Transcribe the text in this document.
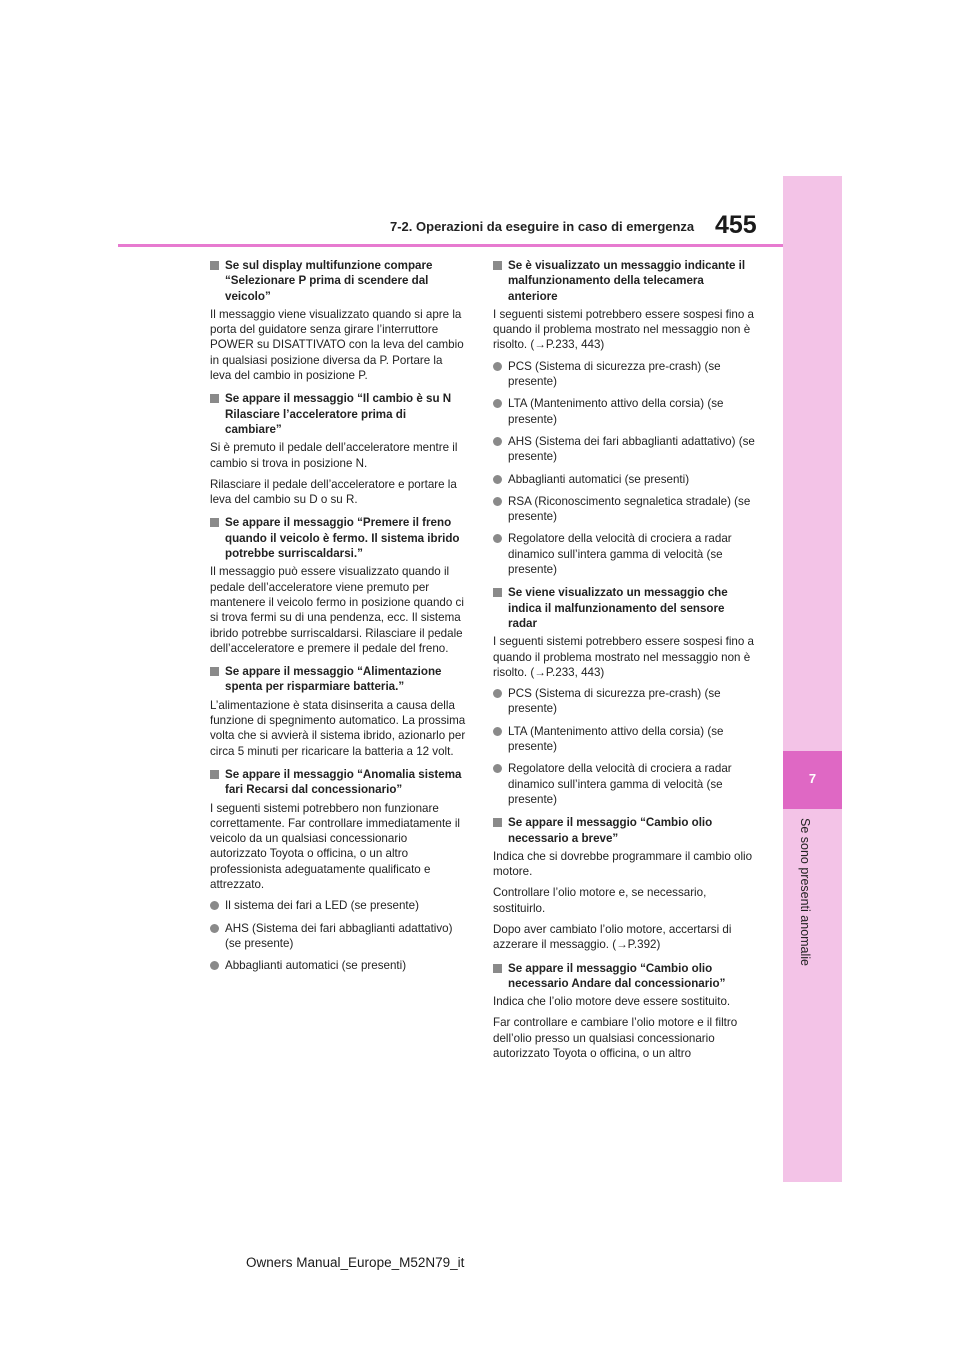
455
7-2. Operazioni da eseguire in caso di emergenza
7
Se sono presenti anomalie
Se sul display multifunzione compare “Selezionare P prima di scendere dal veicolo”

Il messaggio viene visualizzato quando si apre la porta del guidatore senza girare l’interruttore POWER su DISATTIVATO con la leva del cambio in qualsiasi posizione diversa da P. Portare la leva del cambio in posizione P.

Se appare il messaggio “Il cambio è su N Rilasciare l’acceleratore prima di cambiare”

Si è premuto il pedale dell’acceleratore mentre il cambio si trova in posizione N.

Rilasciare il pedale dell’acceleratore e portare la leva del cambio su D o su R.

Se appare il messaggio “Premere il freno quando il veicolo è fermo. Il sistema ibrido potrebbe surriscaldarsi.”

Il messaggio può essere visualizzato quando il pedale dell’acceleratore viene premuto per mantenere il veicolo fermo in posizione quando ci si trova fermi su di una pendenza, ecc. Il sistema ibrido potrebbe surriscaldarsi. Rilasciare il pedale dell’acceleratore e premere il pedale del freno.

Se appare il messaggio “Alimentazione spenta per risparmiare batteria.”

L’alimentazione è stata disinserita a causa della funzione di spegnimento automatico. La prossima volta che si avvierà il sistema ibrido, azionarlo per circa 5 minuti per ricaricare la batteria a 12 volt.

Se appare il messaggio “Anomalia sistema fari Recarsi dal concessionario”

I seguenti sistemi potrebbero non funzionare correttamente. Far controllare immediatamente il veicolo da un qualsiasi concessionario autorizzato Toyota o officina, o un altro professionista adeguatamente qualificato e attrezzato.

Il sistema dei fari a LED (se presente)
AHS (Sistema dei fari abbaglianti adattativo) (se presente)
Abbaglianti automatici (se presenti)
Se è visualizzato un messaggio indicante il malfunzionamento della telecamera anteriore

I seguenti sistemi potrebbero essere sospesi fino a quando il problema mostrato nel messaggio non è risolto. (→P.233, 443)

PCS (Sistema di sicurezza pre-crash) (se presente)
LTA (Mantenimento attivo della corsia) (se presente)
AHS (Sistema dei fari abbaglianti adattativo) (se presente)
Abbaglianti automatici (se presenti)
RSA (Riconoscimento segnaletica stradale) (se presente)
Regolatore della velocità di crociera a radar dinamico sull’intera gamma di velocità (se presente)
Se viene visualizzato un messaggio che indica il malfunzionamento del sensore radar

I seguenti sistemi potrebbero essere sospesi fino a quando il problema mostrato nel messaggio non è risolto. (→P.233, 443)

PCS (Sistema di sicurezza pre-crash) (se presente)
LTA (Mantenimento attivo della corsia) (se presente)
Regolatore della velocità di crociera a radar dinamico sull’intera gamma di velocità (se presente)
Se appare il messaggio “Cambio olio necessario a breve”

Indica che si dovrebbe programmare il cambio olio motore.

Controllare l’olio motore e, se necessario, sostituirlo.

Dopo aver cambiato l’olio motore, accertarsi di azzerare il messaggio. (→P.392)

Se appare il messaggio “Cambio olio necessario Andare dal concessionario”

Indica che l’olio motore deve essere sostituito.

Far controllare e cambiare l’olio motore e il filtro dell’olio presso un qualsiasi concessionario autorizzato Toyota o officina, o un altro

Owners Manual_Europe_M52N79_it
